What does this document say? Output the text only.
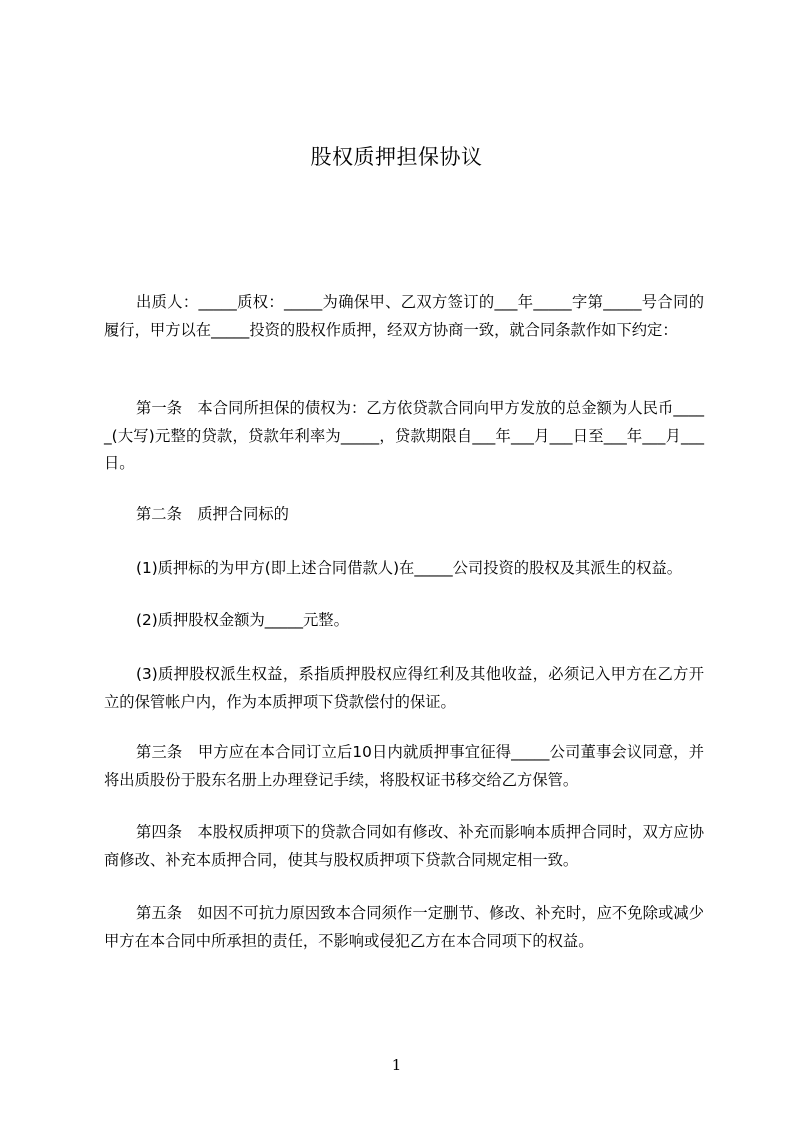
股权质押担保协议

出质人：_____质权：_____为确保甲、乙双方签订的___年_____字第_____号合同的履行，甲方以在_____投资的股权作质押，经双方协商一致，就合同条款作如下约定：

第一条　本合同所担保的债权为：乙方依贷款合同向甲方发放的总金额为人民币_____(大写)元整的贷款，贷款年利率为_____，贷款期限自___年___月___日至___年___月___日。

第二条　质押合同标的

(1)质押标的为甲方(即上述合同借款人)在_____公司投资的股权及其派生的权益。

(2)质押股权金额为_____元整。

(3)质押股权派生权益，系指质押股权应得红利及其他收益，必须记入甲方在乙方开立的保管帐户内，作为本质押项下贷款偿付的保证。

第三条　甲方应在本合同订立后10日内就质押事宜征得_____公司董事会议同意，并将出质股份于股东名册上办理登记手续，将股权证书移交给乙方保管。

第四条　本股权质押项下的贷款合同如有修改、补充而影响本质押合同时，双方应协商修改、补充本质押合同，使其与股权质押项下贷款合同规定相一致。

第五条　如因不可抗力原因致本合同须作一定删节、修改、补充时，应不免除或减少甲方在本合同中所承担的责任，不影响或侵犯乙方在本合同项下的权益。

1
